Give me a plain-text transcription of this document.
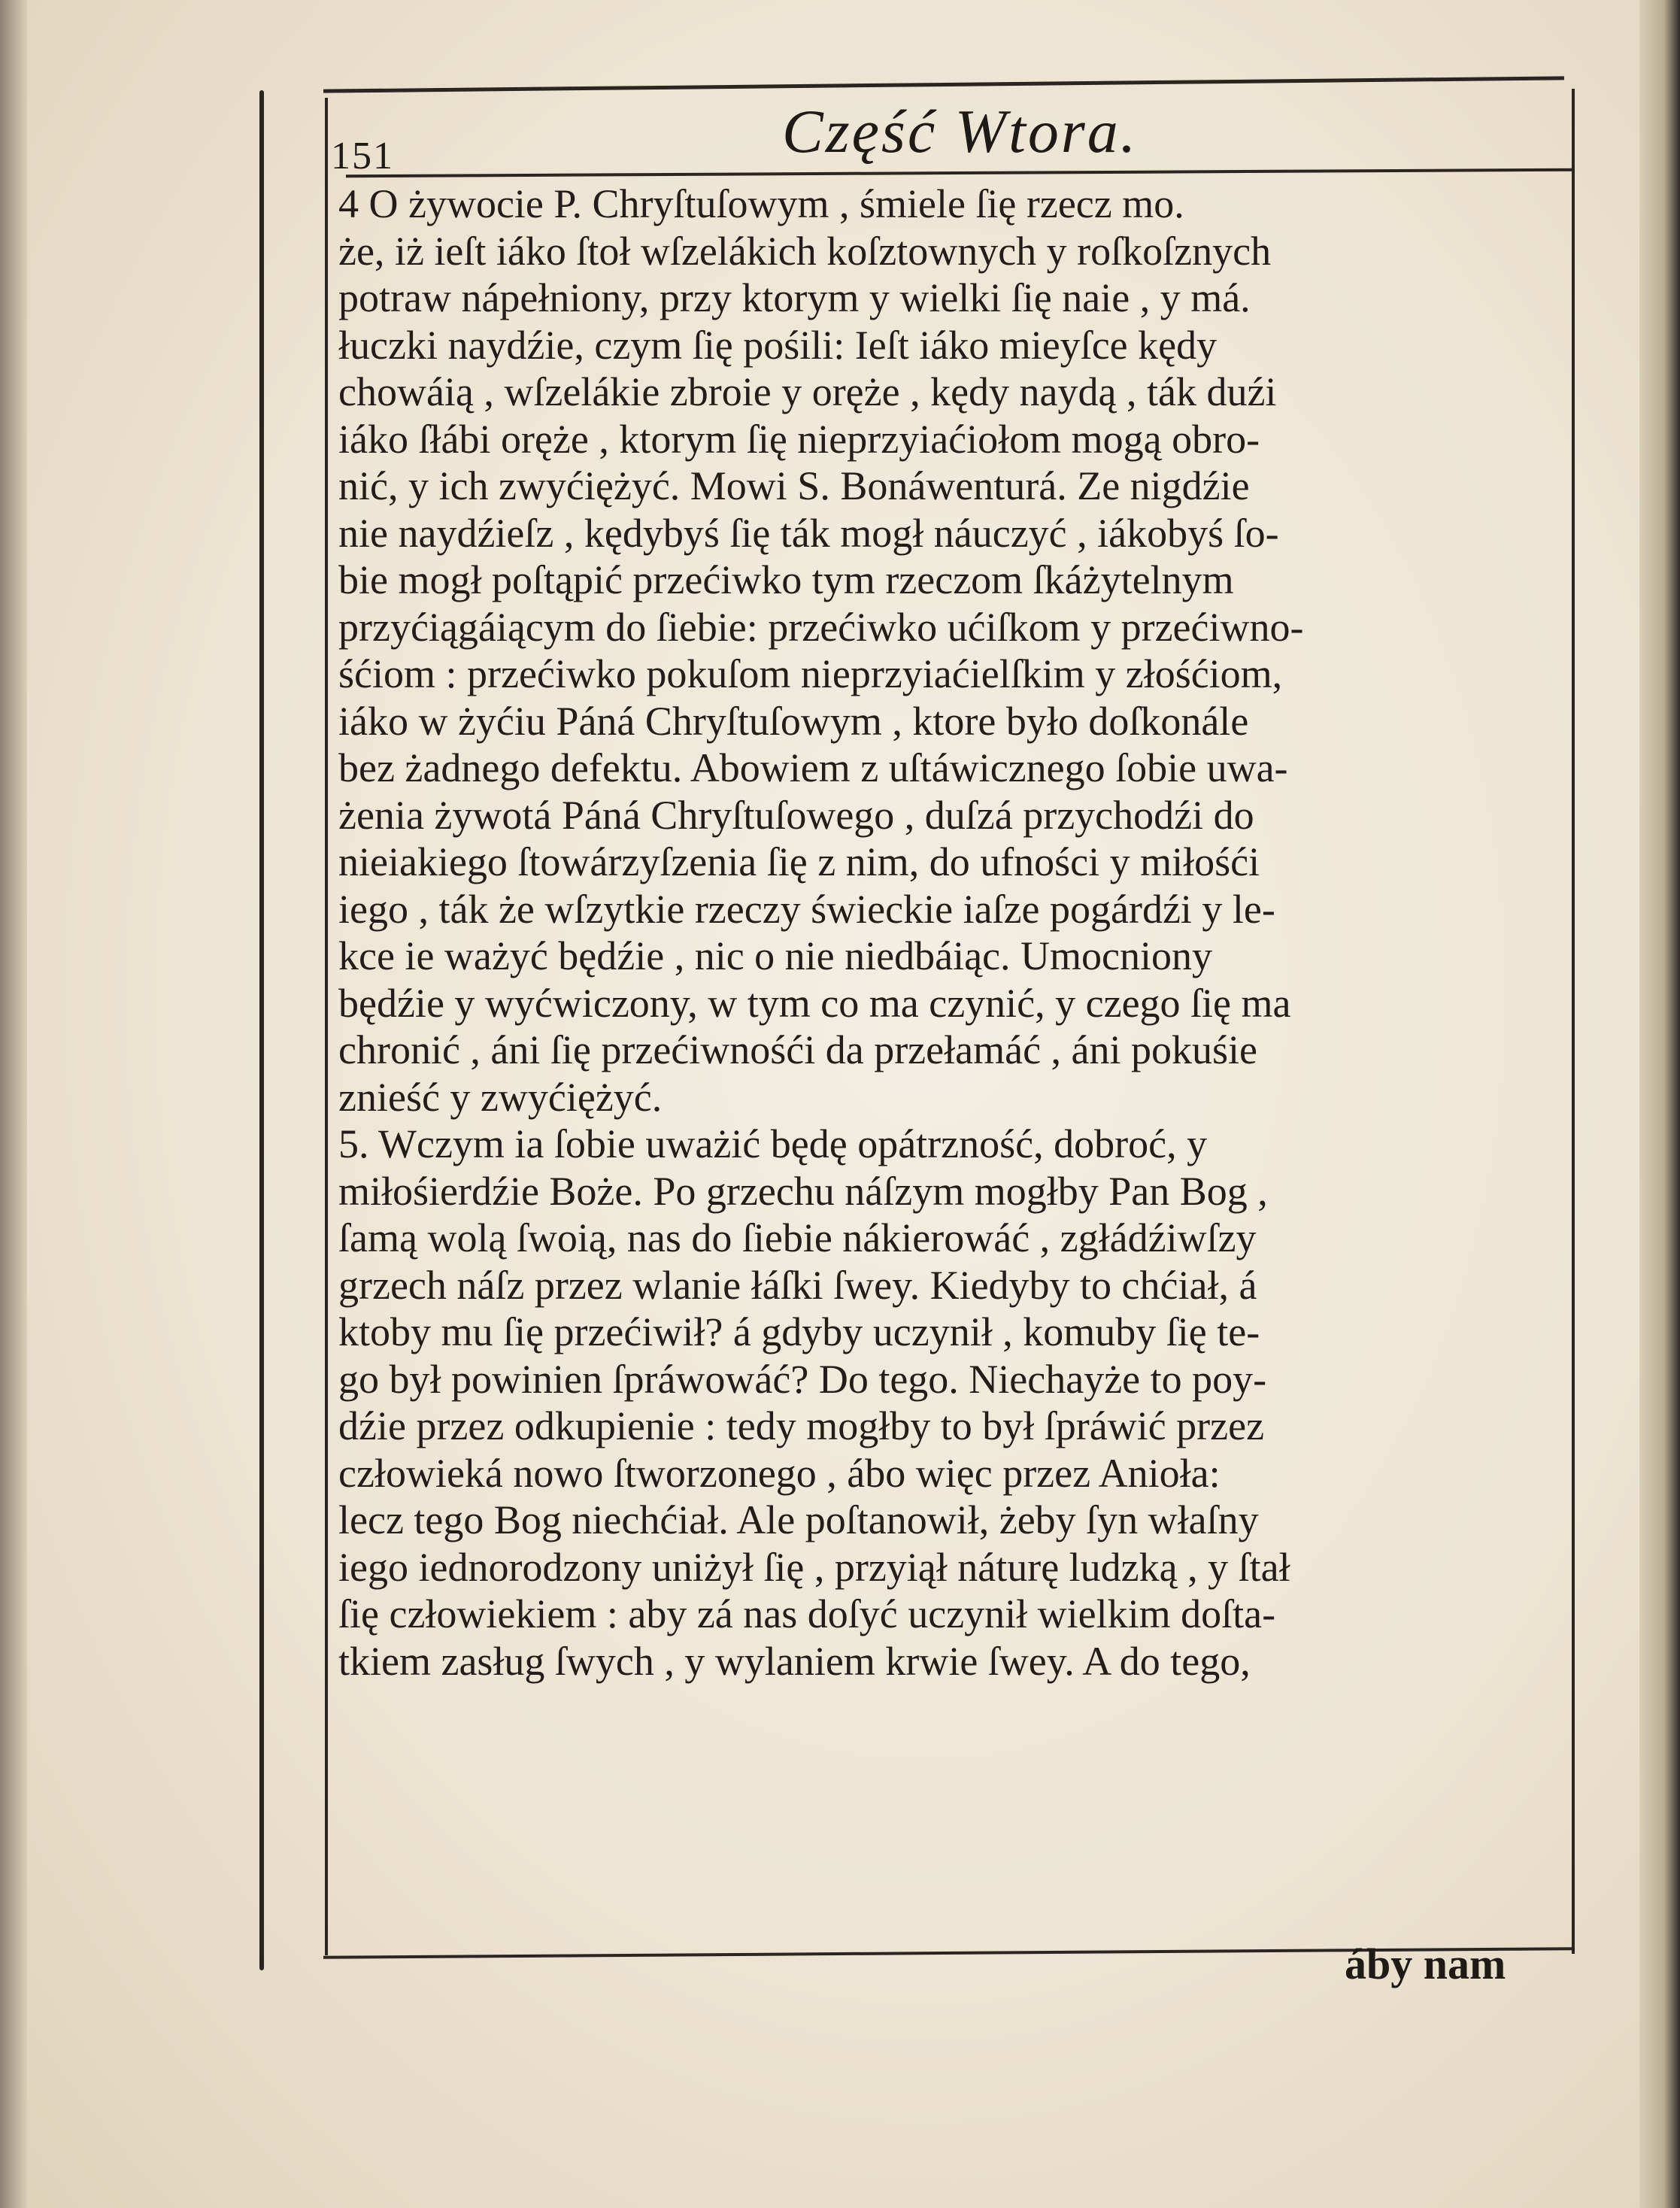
151	Część Wtora.
4 O żywocie P. Chryſtuſowym , śmiele ſię rzecz mo.
że, iż ieſt iáko ſtoł wſzelákich koſztownych y roſkoſznych
potraw nápełniony, przy ktorym y wielki ſię naie , y má.
łuczki naydźie, czym ſię pośili: Ieſt iáko mieyſce kędy
chowáią , wſzelákie zbroie y oręże , kędy naydą , ták duźi
iáko ſłábi oręże , ktorym ſię nieprzyiaćiołom mogą obro-
nić, y ich zwyćiężyć. Mowi S. Bonáwenturá. Ze nigdźie
nie naydźieſz , kędybyś ſię ták mogł náuczyć , iákobyś ſo-
bie mogł poſtąpić przećiwko tym rzeczom ſkáżytelnym
przyćiągáiącym do ſiebie: przećiwko ućiſkom y przećiwno-
śćiom : przećiwko pokuſom nieprzyiaćielſkim y złośćiom,
iáko w żyćiu Páná Chryſtuſowym , ktore było doſkonále
bez żadnego defektu. Abowiem z uſtáwicznego ſobie uwa-
żenia żywotá Páná Chryſtuſowego , duſzá przychodźi do
nieiakiego ſtowárzyſzenia ſię z nim, do ufności y miłośći
iego , ták że wſzytkie rzeczy świeckie iaſze pogárdźi y le-
kce ie ważyć będźie , nic o nie niedbáiąc. Umocniony
będźie y wyćwiczony, w tym co ma czynić, y czego ſię ma
chronić , áni ſię przećiwnośći da przełamáć , áni pokuśie
znieść y zwyćiężyć.
5. Wczym ia ſobie uważić będę opátrzność, dobroć, y
miłośierdźie Boże. Po grzechu náſzym mogłby Pan Bog ,
ſamą wolą ſwoią, nas do ſiebie nákierowáć , zgłádźiwſzy
grzech náſz przez wlanie łáſki ſwey. Kiedyby to chćiał, á
ktoby mu ſię przećiwił? á gdyby uczynił , komuby ſię te-
go był powinien ſpráwowáć? Do tego. Niechayże to poy-
dźie przez odkupienie : tedy mogłby to był ſpráwić przez
człowieká nowo ſtworzonego , ábo więc przez Anioła:
lecz tego Bog niechćiał. Ale poſtanowił, żeby ſyn właſny
iego iednorodzony uniżył ſię , przyiął náturę ludzką , y ſtał
ſię człowiekiem : aby zá nas doſyć uczynił wielkim doſta-
tkiem zasług ſwych , y wylaniem krwie ſwey. A do tego,
áby nam
